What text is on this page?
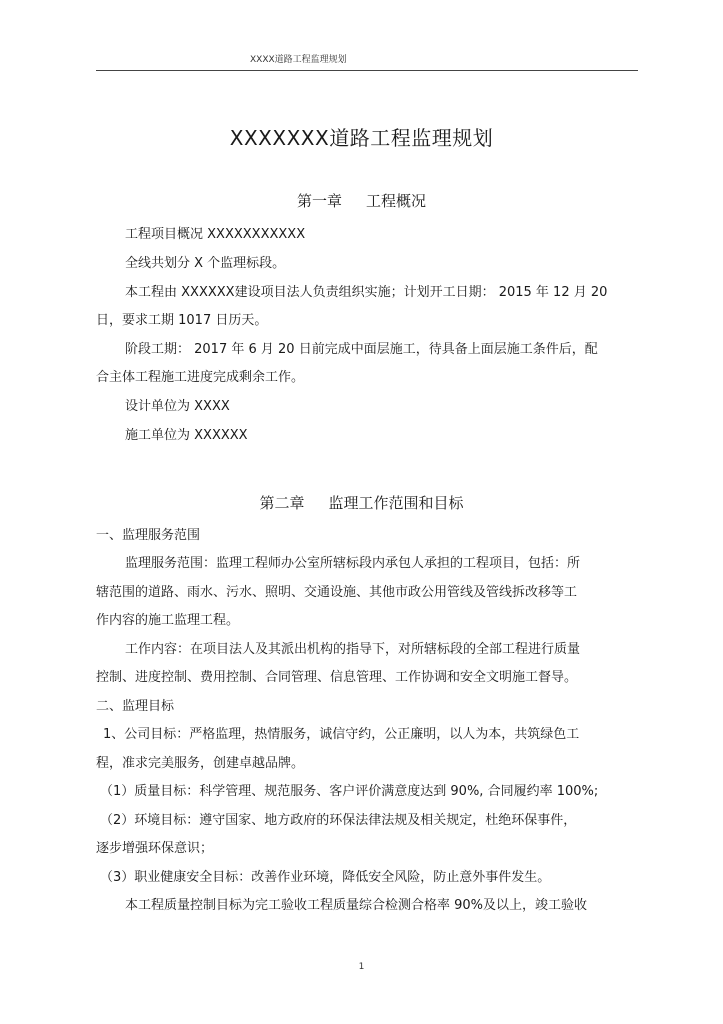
XXXX道路工程监理规划
XXXXXXX道路工程监理规划
第一章 工程概况
工程项目概况 XXXXXXXXXXX
全线共划分 X 个监理标段。
本工程由 XXXXXX建设项目法人负责组织实施；计划开工日期： 2015 年 12 月 20
日，要求工期 1017 日历天。
阶段工期： 2017 年 6 月 20 日前完成中面层施工，待具备上面层施工条件后，配
合主体工程施工进度完成剩余工作。
设计单位为 XXXX
施工单位为 XXXXXX
第二章 监理工作范围和目标
一、监理服务范围
监理服务范围：监理工程师办公室所辖标段内承包人承担的工程项目，包括：所
辖范围的道路、雨水、污水、照明、交通设施、其他市政公用管线及管线拆改移等工
作内容的施工监理工程。
工作内容：在项目法人及其派出机构的指导下，对所辖标段的全部工程进行质量
控制、进度控制、费用控制、合同管理、信息管理、工作协调和安全文明施工督导。
二、监理目标
1、公司目标：严格监理，热情服务，诚信守约，公正廉明，以人为本，共筑绿色工
程，准求完美服务，创建卓越品牌。
（1）质量目标：科学管理、规范服务、客户评价满意度达到 90%, 合同履约率 100%;
（2）环境目标：遵守国家、地方政府的环保法律法规及相关规定，杜绝环保事件，
逐步增强环保意识；
（3）职业健康安全目标：改善作业环境，降低安全风险，防止意外事件发生。
本工程质量控制目标为完工验收工程质量综合检测合格率 90%及以上，竣工验收
1
